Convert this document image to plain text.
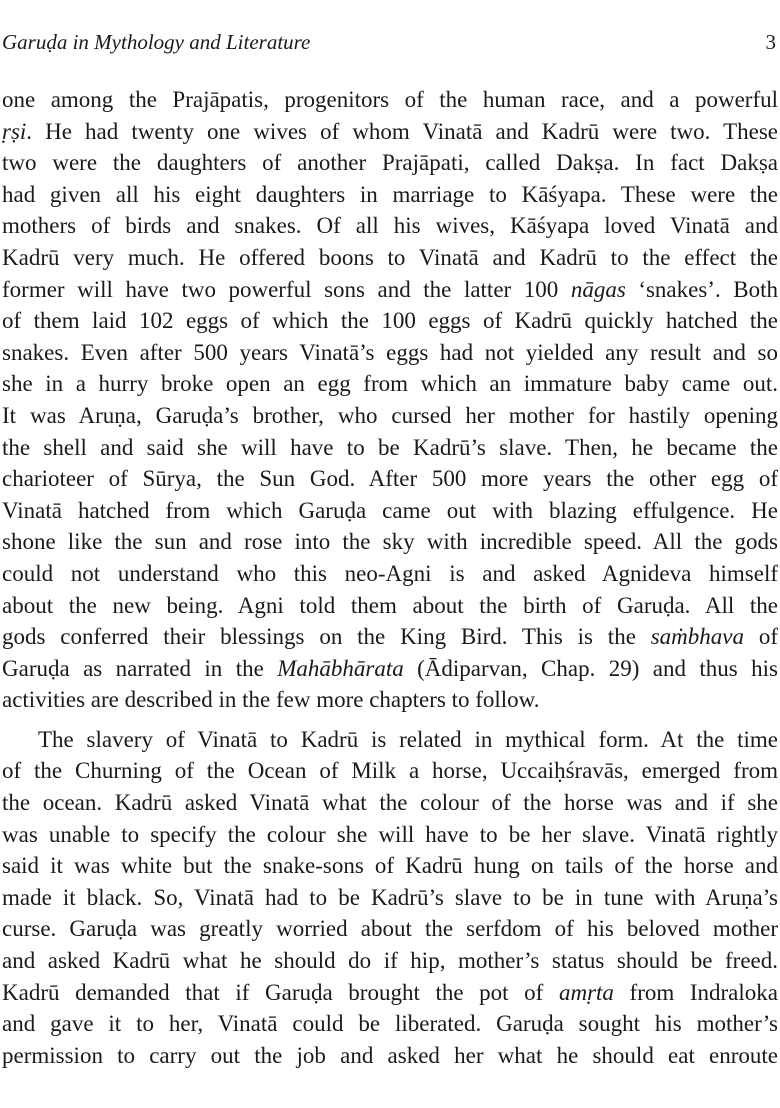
Garuḍa in Mythology and Literature	3
one among the Prajāpatis, progenitors of the human race, and a powerful
ṛṣi. He had twenty one wives of whom Vinatā and Kadrū were two. These
two were the daughters of another Prajāpati, called Dakṣa. In fact Dakṣa
had given all his eight daughters in marriage to Kāśyapa. These were the
mothers of birds and snakes. Of all his wives, Kāśyapa loved Vinatā and
Kadrū very much. He offered boons to Vinatā and Kadrū to the effect the
former will have two powerful sons and the latter 100 nāgas ‘snakes’. Both
of them laid 102 eggs of which the 100 eggs of Kadrū quickly hatched the
snakes. Even after 500 years Vinatā’s eggs had not yielded any result and so
she in a hurry broke open an egg from which an immature baby came out.
It was Aruṇa, Garuḍa’s brother, who cursed her mother for hastily opening
the shell and said she will have to be Kadrū’s slave. Then, he became the
charioteer of Sūrya, the Sun God. After 500 more years the other egg of
Vinatā hatched from which Garuḍa came out with blazing effulgence. He
shone like the sun and rose into the sky with incredible speed. All the gods
could not understand who this neo-Agni is and asked Agnideva himself
about the new being. Agni told them about the birth of Garuḍa. All the
gods conferred their blessings on the King Bird. This is the saṁbhava of
Garuḍa as narrated in the Mahābhārata (Ādiparvan, Chap. 29) and thus his
activities are described in the few more chapters to follow.
The slavery of Vinatā to Kadrū is related in mythical form. At the time
of the Churning of the Ocean of Milk a horse, Uccaiḥśravās, emerged from
the ocean. Kadrū asked Vinatā what the colour of the horse was and if she
was unable to specify the colour she will have to be her slave. Vinatā rightly
said it was white but the snake-sons of Kadrū hung on tails of the horse and
made it black. So, Vinatā had to be Kadrū’s slave to be in tune with Aruṇa’s
curse. Garuḍa was greatly worried about the serfdom of his beloved mother
and asked Kadrū what he should do if hip, mother’s status should be freed.
Kadrū demanded that if Garuḍa brought the pot of amṛta from Indraloka
and gave it to her, Vinatā could be liberated. Garuḍa sought his mother’s
permission to carry out the job and asked her what he should eat enroute
